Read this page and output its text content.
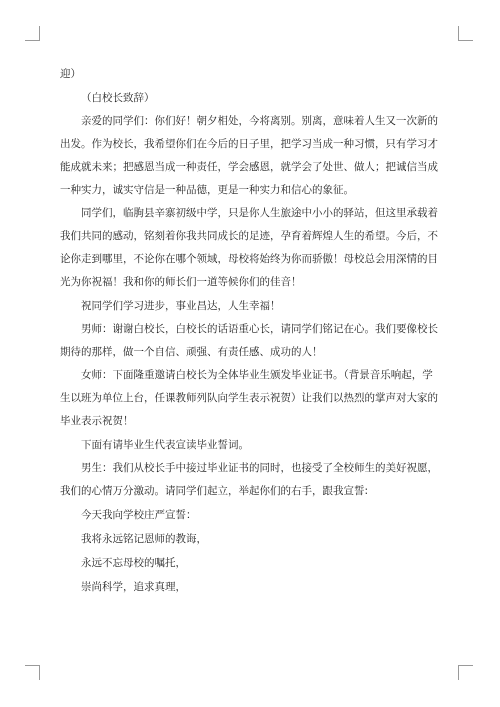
迎）

（白校长致辞）

亲爱的同学们：你们好！朝夕相处，今将离别。别离，意味着人生又一次新的出发。作为校长，我希望你们在今后的日子里，把学习当成一种习惯，只有学习才能成就未来；把感恩当成一种责任，学会感恩，就学会了处世、做人；把诚信当成一种实力，诚实守信是一种品德，更是一种实力和信心的象征。

同学们，临朐县辛寨初级中学，只是你人生旅途中小小的驿站，但这里承载着我们共同的感动，铭刻着你我共同成长的足迹，孕育着辉煌人生的希望。今后，不论你走到哪里，不论你在哪个领域，母校将始终为你而骄傲！母校总会用深情的目光为你祝福！我和你的师长们一道等候你们的佳音！

祝同学们学习进步，事业昌达，人生幸福！

男师：谢谢白校长，白校长的话语重心长，请同学们铭记在心。我们要像校长期待的那样，做一个自信、顽强、有责任感、成功的人！

女师：下面隆重邀请白校长为全体毕业生颁发毕业证书。（背景音乐响起，学生以班为单位上台，任课教师列队向学生表示祝贺）让我们以热烈的掌声对大家的毕业表示祝贺！

下面有请毕业生代表宣读毕业誓词。

男生：我们从校长手中接过毕业证书的同时，也接受了全校师生的美好祝愿，我们的心情万分激动。请同学们起立，举起你们的右手，跟我宣誓:

今天我向学校庄严宣誓：

我将永远铭记恩师的教诲，

永远不忘母校的嘱托，

崇尚科学，追求真理，
